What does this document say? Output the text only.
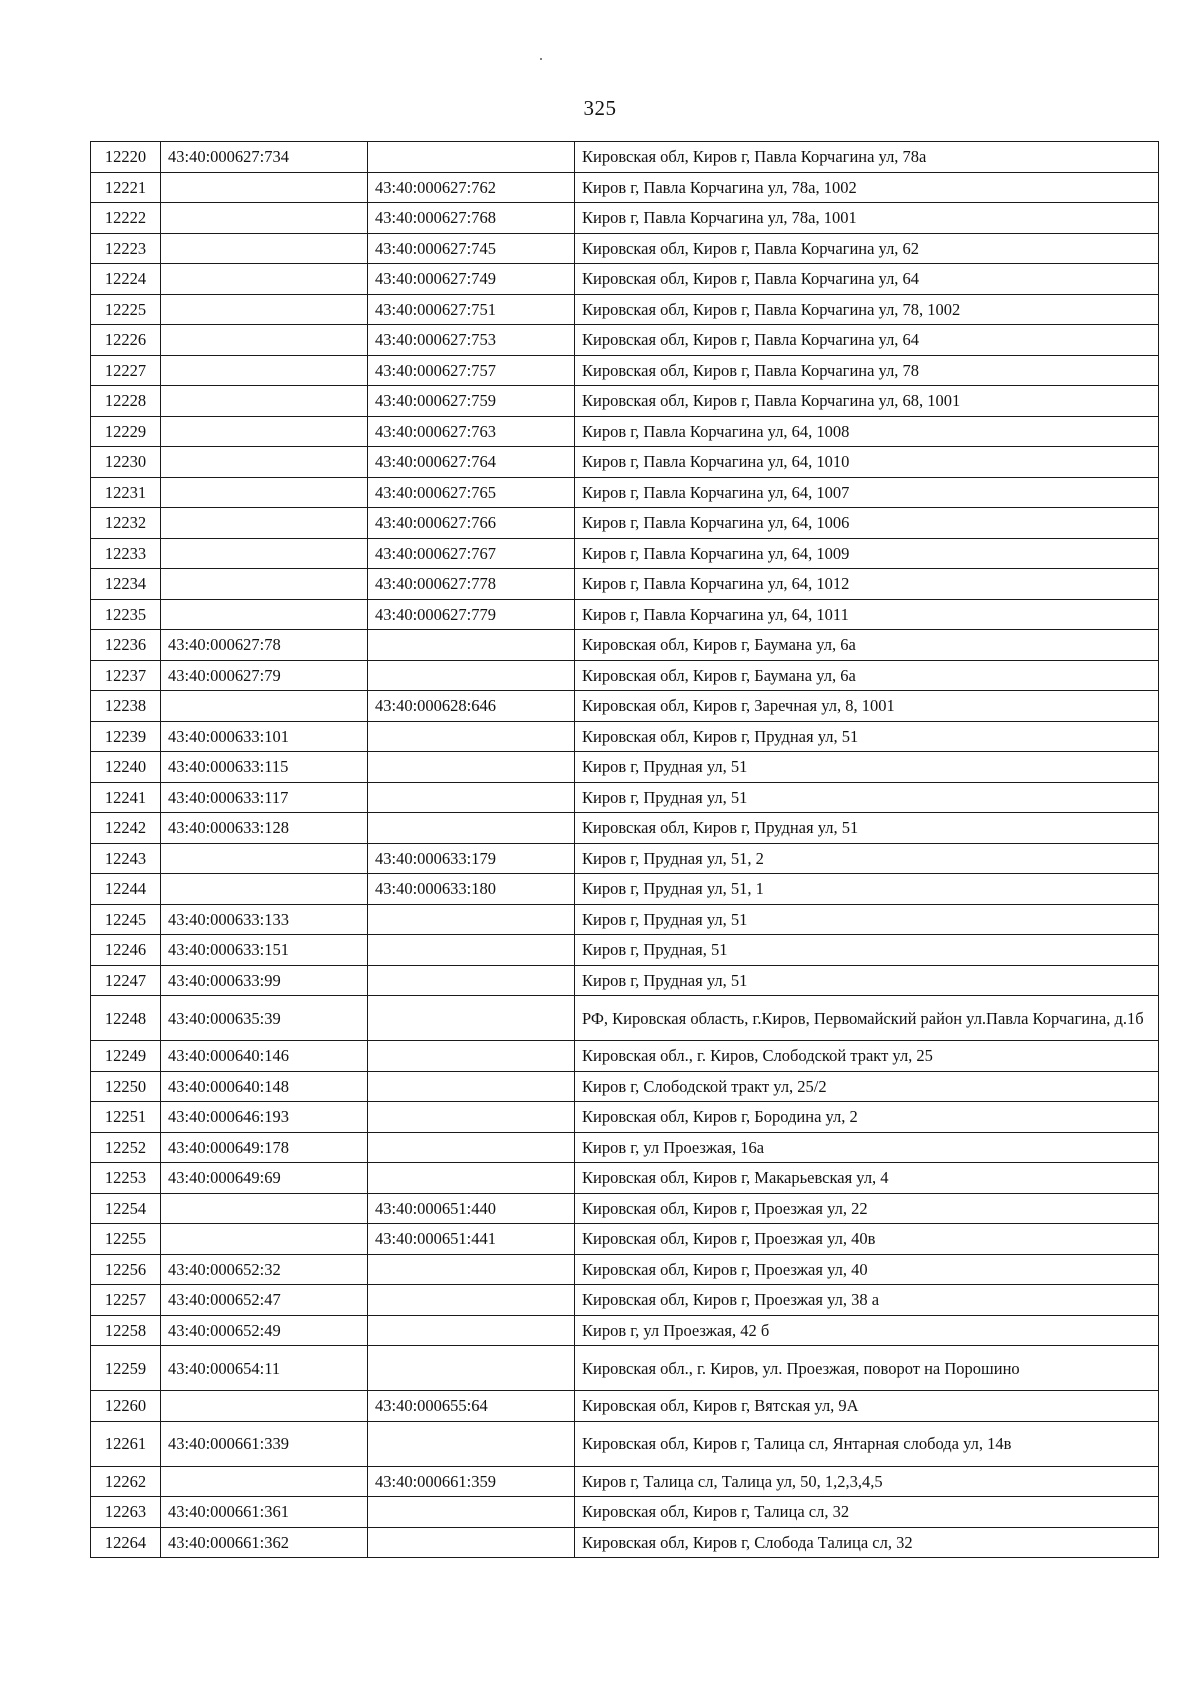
325
12220	43:40:000627:734		Кировская обл, Киров г, Павла Корчагина ул, 78а
12221		43:40:000627:762	Киров г, Павла Корчагина ул, 78а, 1002
12222		43:40:000627:768	Киров г, Павла Корчагина ул, 78а, 1001
12223		43:40:000627:745	Кировская обл, Киров г, Павла Корчагина ул, 62
12224		43:40:000627:749	Кировская обл, Киров г, Павла Корчагина ул, 64
12225		43:40:000627:751	Кировская обл, Киров г, Павла Корчагина ул, 78, 1002
12226		43:40:000627:753	Кировская обл, Киров г, Павла Корчагина ул, 64
12227		43:40:000627:757	Кировская обл, Киров г, Павла Корчагина ул, 78
12228		43:40:000627:759	Кировская обл, Киров г, Павла Корчагина ул, 68, 1001
12229		43:40:000627:763	Киров г, Павла Корчагина ул, 64, 1008
12230		43:40:000627:764	Киров г, Павла Корчагина ул, 64, 1010
12231		43:40:000627:765	Киров г, Павла Корчагина ул, 64, 1007
12232		43:40:000627:766	Киров г, Павла Корчагина ул, 64, 1006
12233		43:40:000627:767	Киров г, Павла Корчагина ул, 64, 1009
12234		43:40:000627:778	Киров г, Павла Корчагина ул, 64, 1012
12235		43:40:000627:779	Киров г, Павла Корчагина ул, 64, 1011
12236	43:40:000627:78		Кировская обл, Киров г, Баумана ул, 6а
12237	43:40:000627:79		Кировская обл, Киров г, Баумана ул, 6а
12238		43:40:000628:646	Кировская обл, Киров г, Заречная ул, 8, 1001
12239	43:40:000633:101		Кировская обл, Киров г, Прудная ул, 51
12240	43:40:000633:115		Киров г, Прудная ул, 51
12241	43:40:000633:117		Киров г, Прудная ул, 51
12242	43:40:000633:128		Кировская обл, Киров г, Прудная ул, 51
12243		43:40:000633:179	Киров г, Прудная ул, 51, 2
12244		43:40:000633:180	Киров г, Прудная ул, 51, 1
12245	43:40:000633:133		Киров г, Прудная ул, 51
12246	43:40:000633:151		Киров г, Прудная, 51
12247	43:40:000633:99		Киров г, Прудная ул, 51
12248	43:40:000635:39		РФ, Кировская область, г.Киров, Первомайский район ул.Павла Корчагина, д.1б
12249	43:40:000640:146		Кировская обл., г. Киров, Слободской тракт ул, 25
12250	43:40:000640:148		Киров г, Слободской тракт ул, 25/2
12251	43:40:000646:193		Кировская обл, Киров г, Бородина ул, 2
12252	43:40:000649:178		Киров г, ул Проезжая, 16а
12253	43:40:000649:69		Кировская обл, Киров г, Макарьевская ул, 4
12254		43:40:000651:440	Кировская обл, Киров г, Проезжая ул, 22
12255		43:40:000651:441	Кировская обл, Киров г, Проезжая ул, 40в
12256	43:40:000652:32		Кировская обл, Киров г, Проезжая ул, 40
12257	43:40:000652:47		Кировская обл, Киров г, Проезжая ул, 38 а
12258	43:40:000652:49		Киров г, ул Проезжая, 42 б
12259	43:40:000654:11		Кировская обл., г. Киров, ул. Проезжая, поворот на Порошино
12260		43:40:000655:64	Кировская обл, Киров г, Вятская ул, 9А
12261	43:40:000661:339		Кировская обл, Киров г, Талица сл, Янтарная слобода ул, 14в
12262		43:40:000661:359	Киров г, Талица сл, Талица ул, 50, 1,2,3,4,5
12263	43:40:000661:361		Кировская обл, Киров г, Талица сл, 32
12264	43:40:000661:362		Кировская обл, Киров г, Слобода Талица сл, 32
